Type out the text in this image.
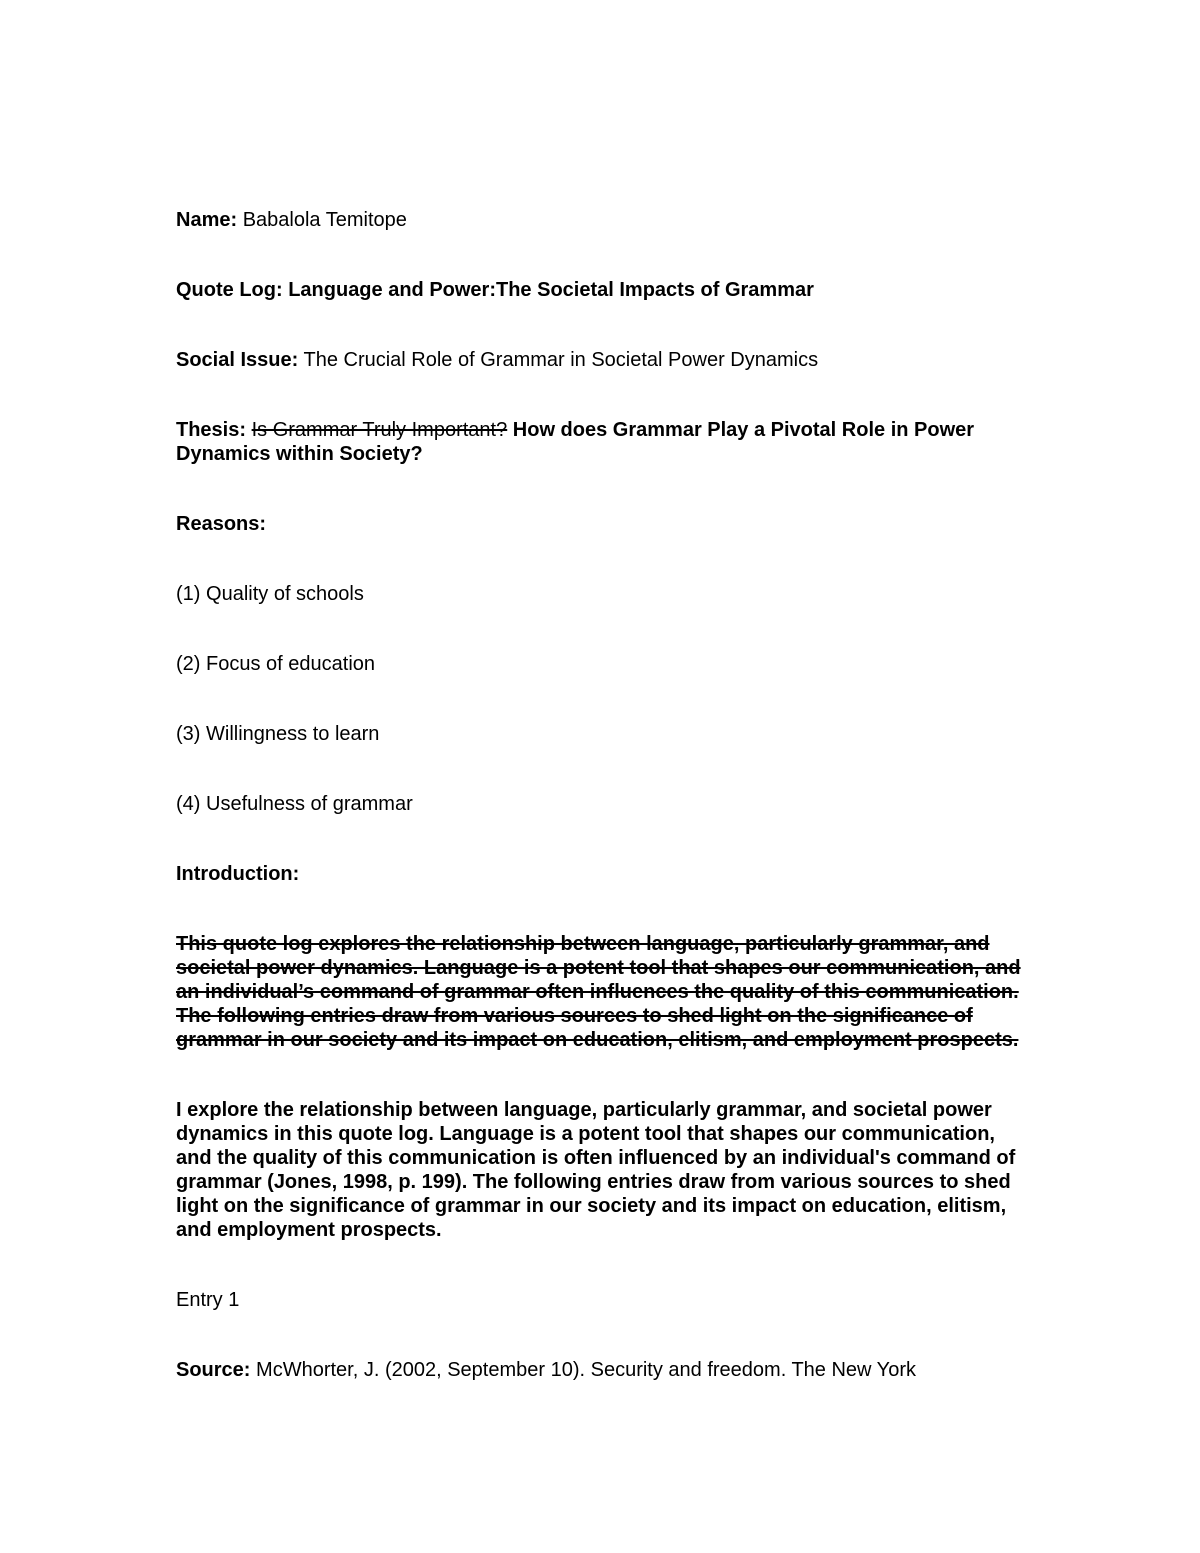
Name: Babalola Temitope

Quote Log: Language and Power:The Societal Impacts of Grammar

Social Issue: The Crucial Role of Grammar in Societal Power Dynamics

Thesis: Is Grammar Truly Important? How does Grammar Play a Pivotal Role in Power Dynamics within Society?

Reasons:

(1) Quality of schools

(2) Focus of education

(3) Willingness to learn

(4) Usefulness of grammar

Introduction:

This quote log explores the relationship between language, particularly grammar, and societal power dynamics. Language is a potent tool that shapes our communication, and an individual’s command of grammar often influences the quality of this communication. The following entries draw from various sources to shed light on the significance of grammar in our society and its impact on education, elitism, and employment prospects.

I explore the relationship between language, particularly grammar, and societal power dynamics in this quote log. Language is a potent tool that shapes our communication, and the quality of this communication is often influenced by an individual's command of grammar (Jones, 1998, p. 199). The following entries draw from various sources to shed light on the significance of grammar in our society and its impact on education, elitism, and employment prospects.

Entry 1

Source: McWhorter, J. (2002, September 10). Security and freedom. The New York
